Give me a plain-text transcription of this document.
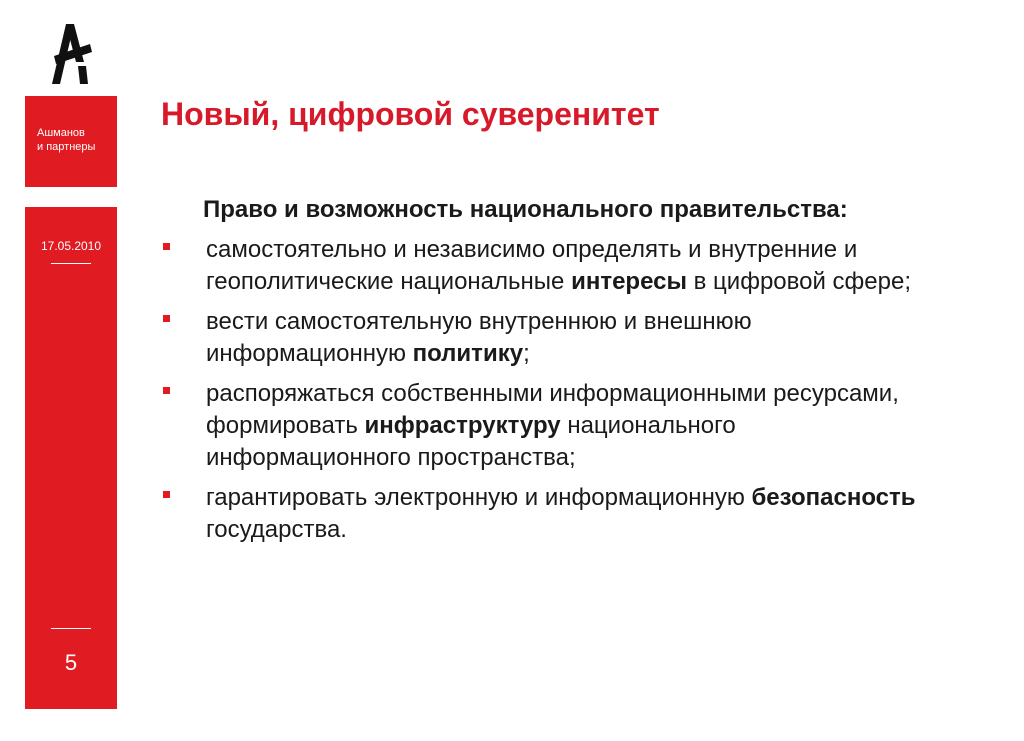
Ашманов
и партнеры
17.05.2010
5
Новый, цифровой суверенитет

Право и возможность национального правительства:

самостоятельно и независимо определять и внутренние и геополитические национальные интересы в цифровой сфере;
вести самостоятельную внутреннюю и внешнюю информационную политику;
распоряжаться собственными информационными ресурсами, формировать инфраструктуру национального информационного пространства;
гарантировать электронную и информационную безопасность государства.
